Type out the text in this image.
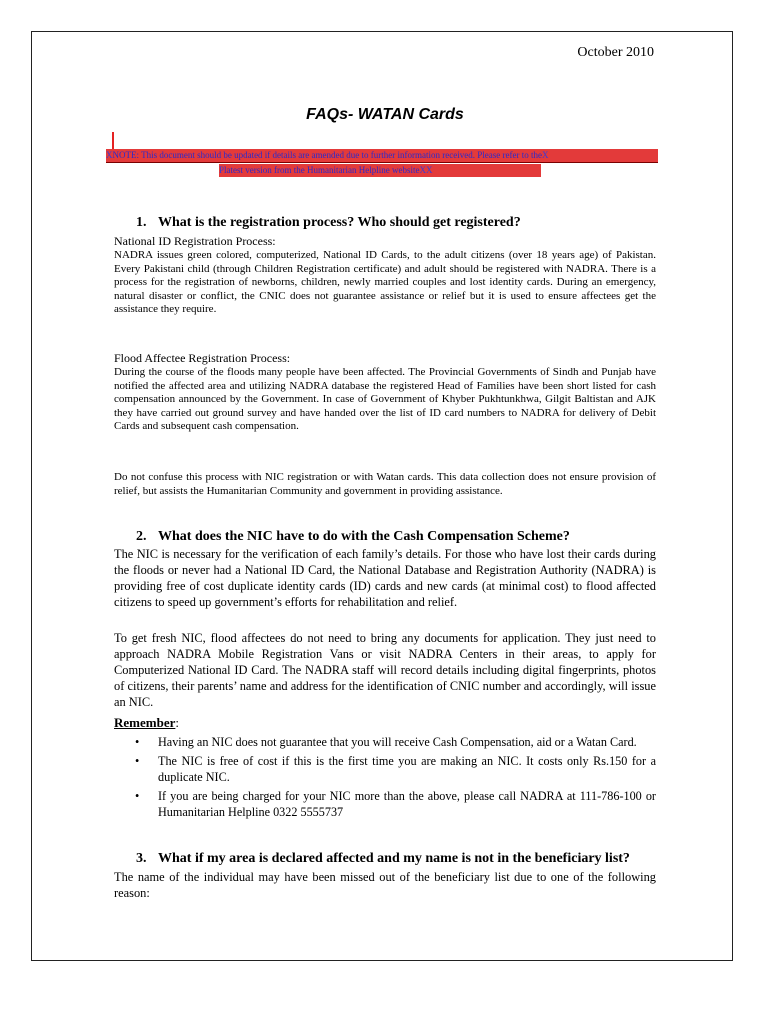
October 2010
FAQs- WATAN Cards
XNOTE: This document should be updated if details are amended due to further information received. Please refer to theX
Platest version from the Humanitarian Helpline websiteXX
1. What is the registration process? Who should get registered?
National ID Registration Process:
NADRA issues green colored, computerized, National ID Cards, to the adult citizens (over 18 years age) of Pakistan. Every Pakistani child (through Children Registration certificate) and adult should be registered with NADRA. There is a process for the registration of newborns, children, newly married couples and lost identity cards. During an emergency, natural disaster or conflict, the CNIC does not guarantee assistance or relief but it is used to ensure affectees get the assistance they require.
Flood Affectee Registration Process:
During the course of the floods many people have been affected. The Provincial Governments of Sindh and Punjab have notified the affected area and utilizing NADRA database the registered Head of Families have been short listed for cash compensation announced by the Government. In case of Government of Khyber Pukhtunkhwa, Gilgit Baltistan and AJK they have carried out ground survey and have handed over the list of ID card numbers to NADRA for delivery of Debit Cards and subsequent cash compensation.
Do not confuse this process with NIC registration or with Watan cards. This data collection does not ensure provision of relief, but assists the Humanitarian Community and government in providing assistance.
2. What does the NIC have to do with the Cash Compensation Scheme?
The NIC is necessary for the verification of each family’s details. For those who have lost their cards during the floods or never had a National ID Card, the National Database and Registration Authority (NADRA) is providing free of cost duplicate identity cards (ID) cards and new cards (at minimal cost) to flood affected citizens to speed up government’s efforts for rehabilitation and relief.
To get fresh NIC, flood affectees do not need to bring any documents for application. They just need to approach NADRA Mobile Registration Vans or visit NADRA Centers in their areas, to apply for Computerized National ID Card. The NADRA staff will record details including digital fingerprints, photos of citizens, their parents’ name and address for the identification of CNIC number and accordingly, will issue an NIC.
Remember:
• Having an NIC does not guarantee that you will receive Cash Compensation, aid or a Watan Card.
• The NIC is free of cost if this is the first time you are making an NIC. It costs only Rs.150 for a duplicate NIC.
• If you are being charged for your NIC more than the above, please call NADRA at 111-786-100 or Humanitarian Helpline 0322 5555737
3. What if my area is declared affected and my name is not in the beneficiary list?
The name of the individual may have been missed out of the beneficiary list due to one of the following reason:
